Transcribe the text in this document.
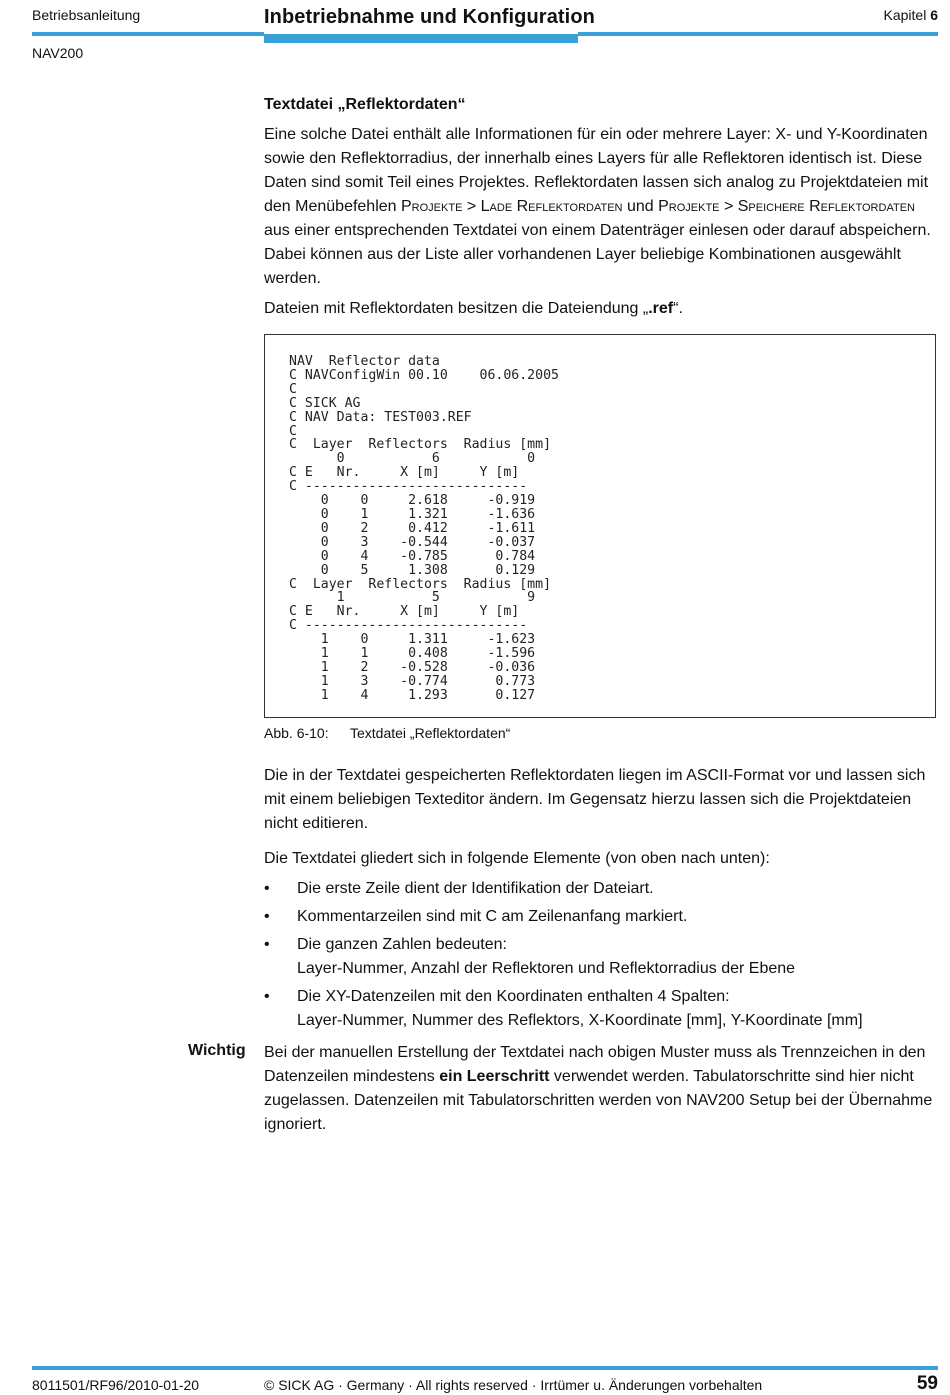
Betriebsanleitung	Inbetriebnahme und Konfiguration	Kapitel 6
NAV200
Textdatei „Reflektordaten“
Eine solche Datei enthält alle Informationen für ein oder mehrere Layer: X- und Y-Koordinaten sowie den Reflektorradius, der innerhalb eines Layers für alle Reflektoren identisch ist. Diese Daten sind somit Teil eines Projektes. Reflektordaten lassen sich analog zu Projektdateien mit den Menübefehlen Projekte > Lade Reflektordaten und Projekte > Speichere Reflektordaten aus einer entsprechenden Textdatei von einem Datenträger einlesen oder darauf abspeichern. Dabei können aus der Liste aller vorhandenen Layer beliebige Kombinationen ausgewählt werden.
Dateien mit Reflektordaten besitzen die Dateiendung „.ref“.
NAV  Reflector data
C NAVConfigWin 00.10    06.06.2005
C
C SICK AG
C NAV Data: TEST003.REF
C
C  Layer  Reflectors  Radius [mm]
0           6           0
C E   Nr.     X [m]     Y [m]
C ----------------------------
0    0     2.618     -0.919
0    1     1.321     -1.636
0    2     0.412     -1.611
0    3    -0.544     -0.037
0    4    -0.785      0.784
0    5     1.308      0.129
C  Layer  Reflectors  Radius [mm]
1           5           9
C E   Nr.     X [m]     Y [m]
C ----------------------------
1    0     1.311     -1.623
1    1     0.408     -1.596
1    2    -0.528     -0.036
1    3    -0.774      0.773
1    4     1.293      0.127
Abb. 6-10: Textdatei „Reflektordaten“
Die in der Textdatei gespeicherten Reflektordaten liegen im ASCII-Format vor und lassen sich mit einem beliebigen Texteditor ändern. Im Gegensatz hierzu lassen sich die Projektdateien nicht editieren.
Die Textdatei gliedert sich in folgende Elemente (von oben nach unten):
• Die erste Zeile dient der Identifikation der Dateiart.
• Kommentarzeilen sind mit C am Zeilenanfang markiert.
• Die ganzen Zahlen bedeuten:
Layer-Nummer, Anzahl der Reflektoren und Reflektorradius der Ebene
• Die XY-Datenzeilen mit den Koordinaten enthalten 4 Spalten:
Layer-Nummer, Nummer des Reflektors, X-Koordinate [mm], Y-Koordinate [mm]
Wichtig Bei der manuellen Erstellung der Textdatei nach obigen Muster muss als Trennzeichen in den Datenzeilen mindestens ein Leerschritt verwendet werden. Tabulatorschritte sind hier nicht zugelassen. Datenzeilen mit Tabulatorschritten werden von NAV200 Setup bei der Übernahme ignoriert.
8011501/RF96/2010-01-20	© SICK AG · Germany · All rights reserved · Irrtümer u. Änderungen vorbehalten	59
